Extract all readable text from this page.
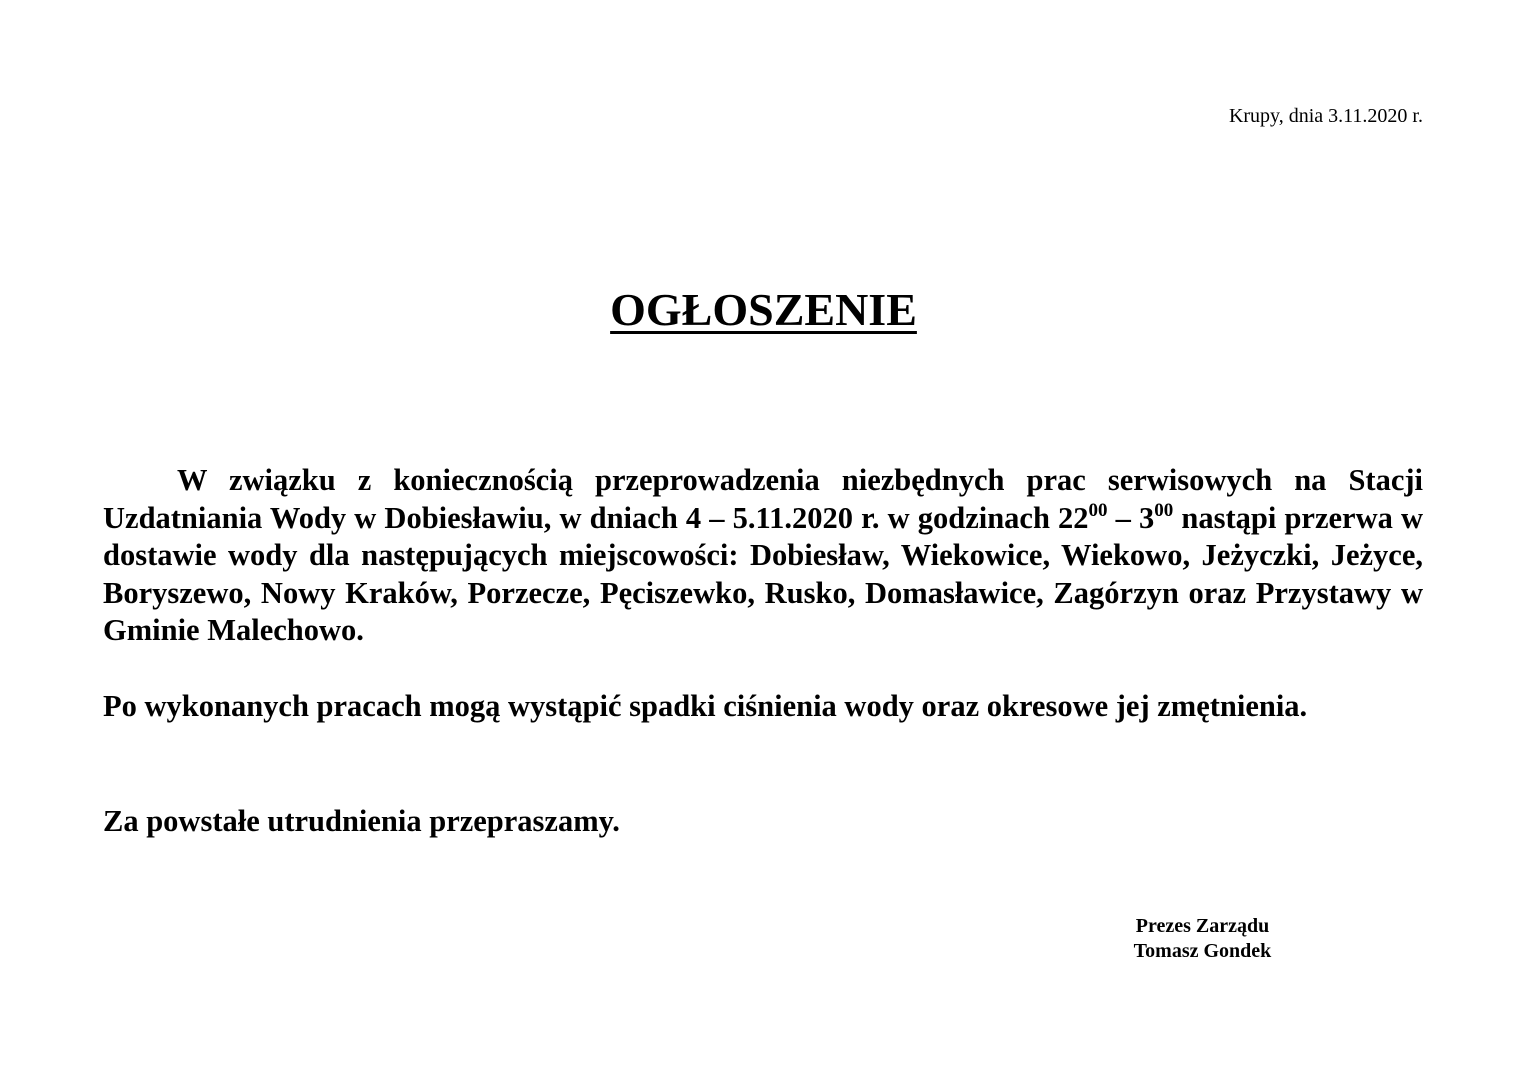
Krupy, dnia 3.11.2020 r.
OGŁOSZENIE

W związku z koniecznością przeprowadzenia niezbędnych prac serwisowych na Stacji Uzdatniania Wody w Dobiesławiu, w dniach 4 – 5.11.2020 r. w godzinach $22^{00} - 3^{00}$ nastąpi przerwa w dostawie wody dla następujących miejscowości: Dobiesław, Wiekowice, Wiekowo, Jeżyczki, Jeżyce, Boryszewo, Nowy Kraków, Porzecze, Pęciszewko, Rusko, Domasławice, Zagórzyn oraz Przystawy w Gminie Malechowo.

Po wykonanych pracach mogą wystąpić spadki ciśnienia wody oraz okresowe jej zmętnienia.

Za powstałe utrudnienia przepraszamy.

Prezes Zarządu
Tomasz Gondek
